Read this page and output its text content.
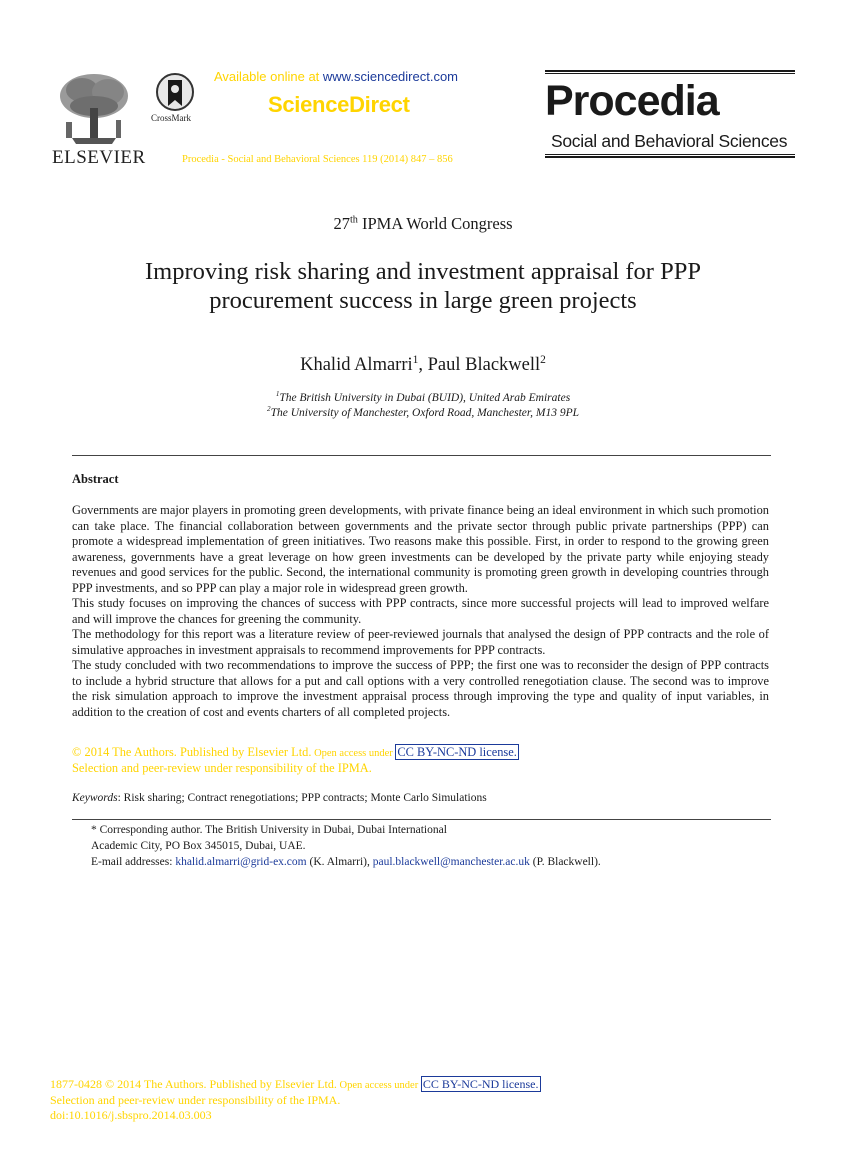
ELSEVIER
CrossMark
Available online at www.sciencedirect.com
ScienceDirect
Procedia - Social and Behavioral Sciences 119 (2014) 847 – 856
Procedia
Social and Behavioral Sciences
27th IPMA World Congress
Improving risk sharing and investment appraisal for PPP
procurement success in large green projects
Khalid Almarri$^1$, Paul Blackwell$^2$
$^1$The British University in Dubai (BUID), United Arab Emirates
$^2$The University of Manchester, Oxford Road, Manchester, M13 9PL
Abstract

Governments are major players in promoting green developments, with private finance being an ideal environment in which such promotion can take place. The financial collaboration between governments and the private sector through public private partnerships (PPP) can promote a widespread implementation of green initiatives. Two reasons make this possible. First, in order to respond to the growing green awareness, governments have a great leverage on how green investments can be developed by the private party while enjoying steady revenues and good services for the public. Second, the international community is promoting green growth in developing countries through PPP investments, and so PPP can play a major role in widespread green growth.

This study focuses on improving the chances of success with PPP contracts, since more successful projects will lead to improved welfare and will improve the chances for greening the community.

The methodology for this report was a literature review of peer-reviewed journals that analysed the design of PPP contracts and the role of simulative approaches in investment appraisals to recommend improvements for PPP contracts.

The study concluded with two recommendations to improve the success of PPP; the first one was to reconsider the design of PPP contracts to include a hybrid structure that allows for a put and call options with a very controlled renegotiation clause. The second was to improve the risk simulation approach to improve the investment appraisal process through improving the type and quality of input variables, in addition to the creation of cost and events charters of all completed projects.

© 2014 The Authors. Published by Elsevier Ltd. Open access under CC BY-NC-ND license.
Selection and peer-review under responsibility of the IPMA.
Keywords: Risk sharing; Contract renegotiations; PPP contracts; Monte Carlo Simulations
* Corresponding author. The British University in Dubai, Dubai International
Academic City, PO Box 345015, Dubai, UAE.
E-mail addresses: khalid.almarri@grid-ex.com (K. Almarri), paul.blackwell@manchester.ac.uk (P. Blackwell).
1877-0428 © 2014 The Authors. Published by Elsevier Ltd. Open access under CC BY-NC-ND license.
Selection and peer-review under responsibility of the IPMA.
doi:10.1016/j.sbspro.2014.03.003
